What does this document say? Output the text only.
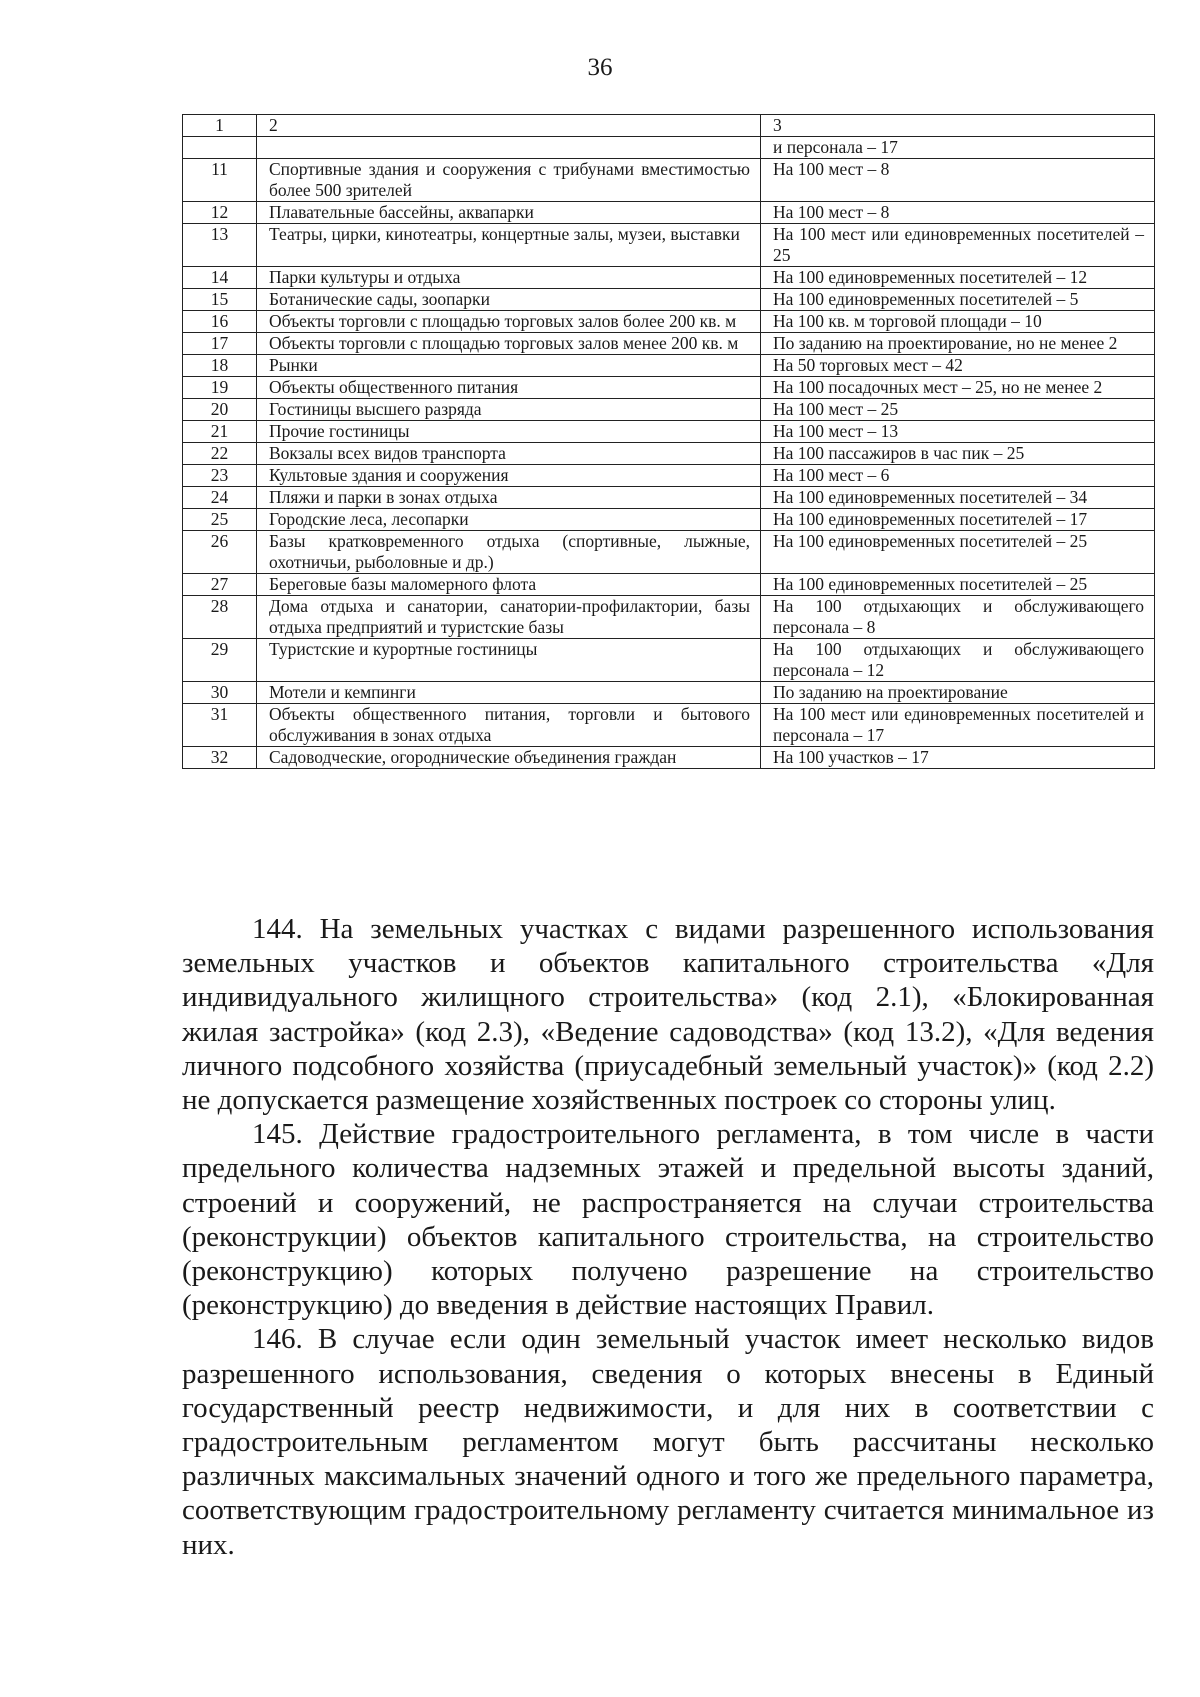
36
1	2	3
		и персонала – 17
11	Спортивные здания и сооружения с трибунами вместимостью более 500 зрителей	На 100 мест – 8
12	Плавательные бассейны, аквапарки	На 100 мест – 8
13	Театры, цирки, кинотеатры, концертные залы, музеи, выставки	На 100 мест или единовременных посетителей – 25
14	Парки культуры и отдыха	На 100 единовременных посетителей – 12
15	Ботанические сады, зоопарки	На 100 единовременных посетителей – 5
16	Объекты торговли с площадью торговых залов более 200 кв. м	На 100 кв. м торговой площади – 10
17	Объекты торговли с площадью торговых залов менее 200 кв. м	По заданию на проектирование, но не менее 2
18	Рынки	На 50 торговых мест – 42
19	Объекты общественного питания	На 100 посадочных мест – 25, но не менее 2
20	Гостиницы высшего разряда	На 100 мест – 25
21	Прочие гостиницы	На 100 мест – 13
22	Вокзалы всех видов транспорта	На 100 пассажиров в час пик – 25
23	Культовые здания и сооружения	На 100 мест – 6
24	Пляжи и парки в зонах отдыха	На 100 единовременных посетителей – 34
25	Городские леса, лесопарки	На 100 единовременных посетителей – 17
26	Базы кратковременного отдыха (спортивные, лыжные, охотничьи, рыболовные и др.)	На 100 единовременных посетителей – 25
27	Береговые базы маломерного флота	На 100 единовременных посетителей – 25
28	Дома отдыха и санатории, санатории-профилактории, базы отдыха предприятий и туристские базы	На 100 отдыхающих и обслуживающего персонала – 8
29	Туристские и курортные гостиницы	На 100 отдыхающих и обслуживающего персонала – 12
30	Мотели и кемпинги	По заданию на проектирование
31	Объекты общественного питания, торговли и бытового обслуживания в зонах отдыха	На 100 мест или единовременных посетителей и персонала – 17
32	Садоводческие, огороднические объединения граждан	На 100 участков – 17

144. На земельных участках с видами разрешенного использования земельных участков и объектов капитального строительства «Для индивидуального жилищного строительства» (код 2.1), «Блокированная жилая застройка» (код 2.3), «Ведение садоводства» (код 13.2), «Для ведения личного подсобного хозяйства (приусадебный земельный участок)» (код 2.2) не допускается размещение хозяйственных построек со стороны улиц.

145. Действие градостроительного регламента, в том числе в части предельного количества надземных этажей и предельной высоты зданий, строений и сооружений, не распространяется на случаи строительства (реконструкции) объектов капитального строительства, на строительство (реконструкцию) которых получено разрешение на строительство (реконструкцию) до введения в действие настоящих Правил.

146. В случае если один земельный участок имеет несколько видов разрешенного использования, сведения о которых внесены в Единый государственный реестр недвижимости, и для них в соответствии с градостроительным регламентом могут быть рассчитаны несколько различных максимальных значений одного и того же предельного параметра, соответствующим градостроительному регламенту считается минимальное из них.
